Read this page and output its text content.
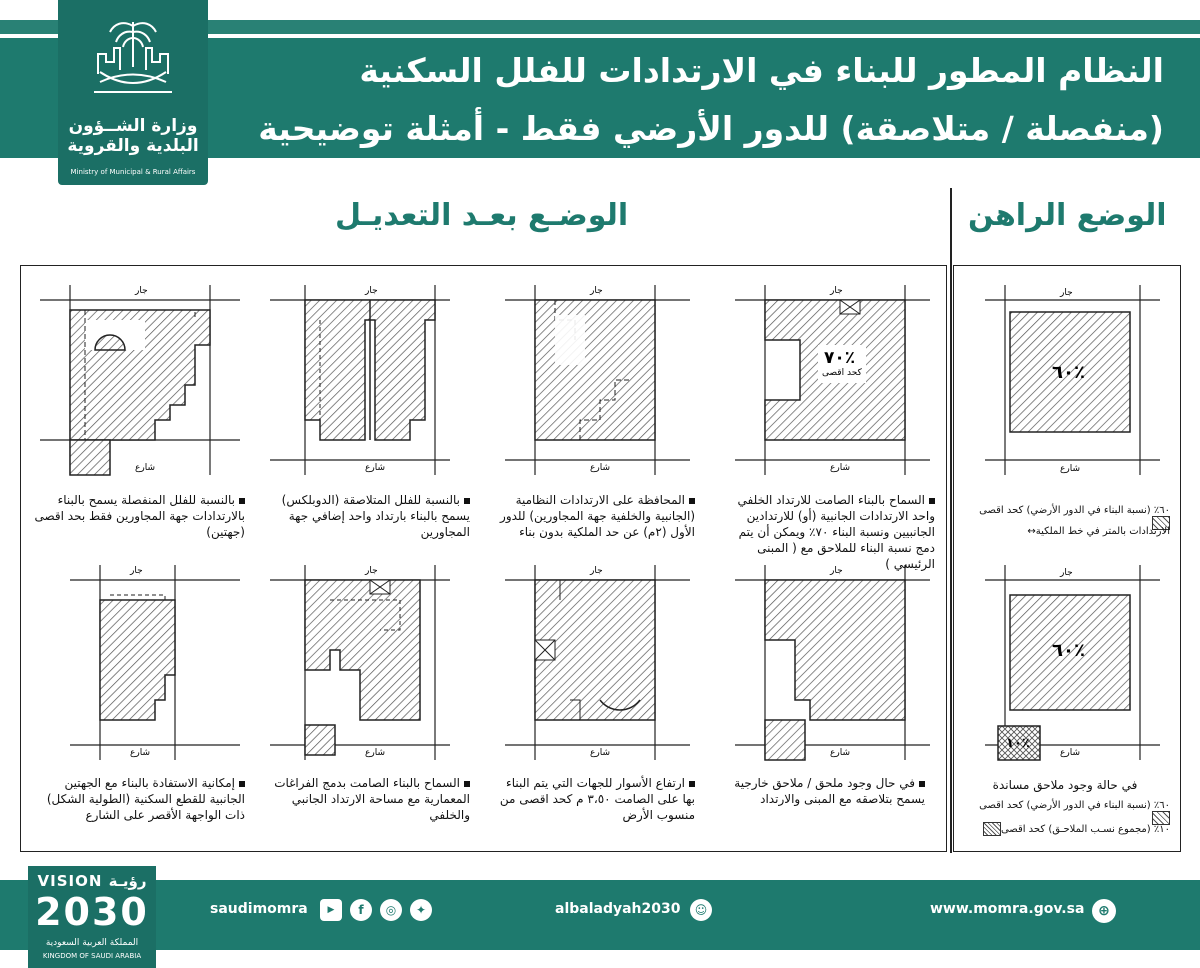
وزارة الشــؤون
البلدية والقروية
Ministry of Municipal & Rural Affairs
النظام المطور للبناء في الارتدادات للفلل السكنية
(منفصلة / متلاصقة) للدور الأرضي فقط - أمثلة توضيحية
الوضـع بعـد التعديـل	الوضع الراهن
٦٠٪
٦٠٪
١٠٪
٧٠٪
كحد اقصى
جار
شارع
جار
شارع
جار
شارع
جار
شارع
جار
شارع
جار
شارع
جار
شارع
جار
شارع
جار
شارع
جار
شارع
السماح بالبناء الصامت للارتداد الخلفي واحد الارتدادات الجانبية (أو) للارتدادين الجانبيين ونسبة البناء ٧٠٪ ويمكن أن يتم دمج نسبة البناء للملاحق مع ( المبنى الرئيسي )
المحافظة على الارتدادات النظامية (الجانبية والخلفية جهة المجاورين) للدور الأول (٢م) عن حد الملكية بدون بناء
بالنسبة للفلل المتلاصقة (الدوبلكس) يسمح بالبناء بارتداد واحد إضافي جهة المجاورين
بالنسبة للفلل المنفصلة يسمح بالبناء بالارتدادات جهة المجاورين فقط بحد اقصى (جهتين)
في حال وجود ملحق / ملاحق خارجية يسمح بتلاصقه مع المبنى والارتداد
ارتفاع الأسوار للجهات التي يتم البناء بها على الصامت ٣،٥٠ م كحد اقصى من منسوب الأرض
السماح بالبناء الصامت بدمج الفراغات المعمارية مع مساحة الارتداد الجانبي والخلفي
إمكانية الاستفادة بالبناء مع الجهتين الجانبية للقطع السكنية (الطولية الشكل) ذات الواجهة الأقصر على الشارع
٦٠٪ (نسبة البناء في الدور الأرضي) كحد اقصى
الارتدادات بالمتر في خط الملكية↔
في حالة وجود ملاحق مساندة
٦٠٪ (نسبة البناء في الدور الأرضي) كحد اقصى
١٠٪ (مجموع نسـب الملاحـق) كحد اقصى
VISION رؤيـة
2030
المملكة العربية السعودية
KINGDOM OF SAUDI ARABIA
saudimomra	▶	f	◎	✦	albaladyah2030	☺	www.momra.gov.sa ⊕
